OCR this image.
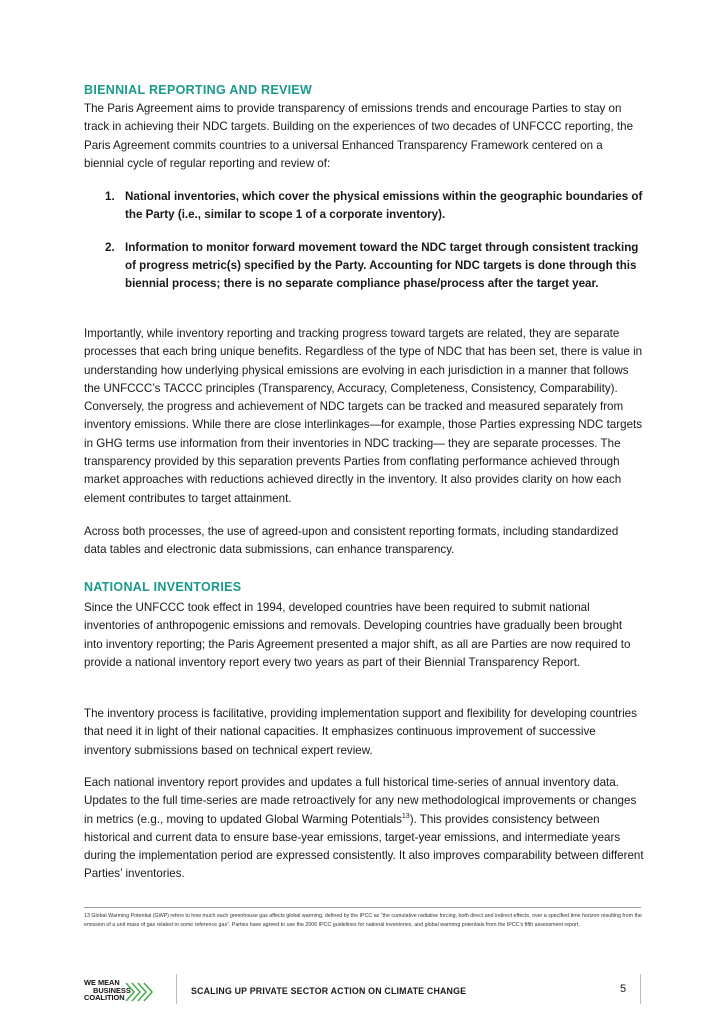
BIENNIAL REPORTING AND REVIEW

The Paris Agreement aims to provide transparency of emissions trends and encourage Parties to stay on track in achieving their NDC targets. Building on the experiences of two decades of UNFCCC reporting, the Paris Agreement commits countries to a universal Enhanced Transparency Framework centered on a biennial cycle of regular reporting and review of:

1. National inventories, which cover the physical emissions within the geographic boundaries of the Party (i.e., similar to scope 1 of a corporate inventory).
2. Information to monitor forward movement toward the NDC target through consistent tracking of progress metric(s) specified by the Party. Accounting for NDC targets is done through this biennial process; there is no separate compliance phase/process after the target year.

Importantly, while inventory reporting and tracking progress toward targets are related, they are separate processes that each bring unique benefits. Regardless of the type of NDC that has been set, there is value in understanding how underlying physical emissions are evolving in each jurisdiction in a manner that follows the UNFCCC’s TACCC principles (Transparency, Accuracy, Completeness, Consistency, Comparability). Conversely, the progress and achievement of NDC targets can be tracked and measured separately from inventory emissions. While there are close interlinkages—for example, those Parties expressing NDC targets in GHG terms use information from their inventories in NDC tracking— they are separate processes. The transparency provided by this separation prevents Parties from conflating performance achieved through market approaches with reductions achieved directly in the inventory. It also provides clarity on how each element contributes to target attainment.

Across both processes, the use of agreed-upon and consistent reporting formats, including standardized data tables and electronic data submissions, can enhance transparency.

NATIONAL INVENTORIES

Since the UNFCCC took effect in 1994, developed countries have been required to submit national inventories of anthropogenic emissions and removals. Developing countries have gradually been brought into inventory reporting; the Paris Agreement presented a major shift, as all are Parties are now required to provide a national inventory report every two years as part of their Biennial Transparency Report.

The inventory process is facilitative, providing implementation support and flexibility for developing countries that need it in light of their national capacities. It emphasizes continuous improvement of successive inventory submissions based on technical expert review.

Each national inventory report provides and updates a full historical time-series of annual inventory data. Updates to the full time-series are made retroactively for any new methodological improvements or changes in metrics (e.g., moving to updated Global Warming Potentials$^{13}$). This provides consistency between historical and current data to ensure base-year emissions, target-year emissions, and intermediate years during the implementation period are expressed consistently. It also improves comparability between different Parties’ inventories.

13 Global Warming Potential (GWP) refers to how much each greenhouse gas affects global warming, defined by the IPCC as “the cumulative radiative forcing, both direct and indirect effects, over a specified time horizon resulting from the emission of a unit mass of gas related to some reference gas”. Parties have agreed to use the 2006 IPCC guidelines for national inventories, and global warming potentials from the IPCC’s fifth assessment report.
WE MEAN
BUSINESS
COALITION
SCALING UP PRIVATE SECTOR ACTION ON CLIMATE CHANGE	5
